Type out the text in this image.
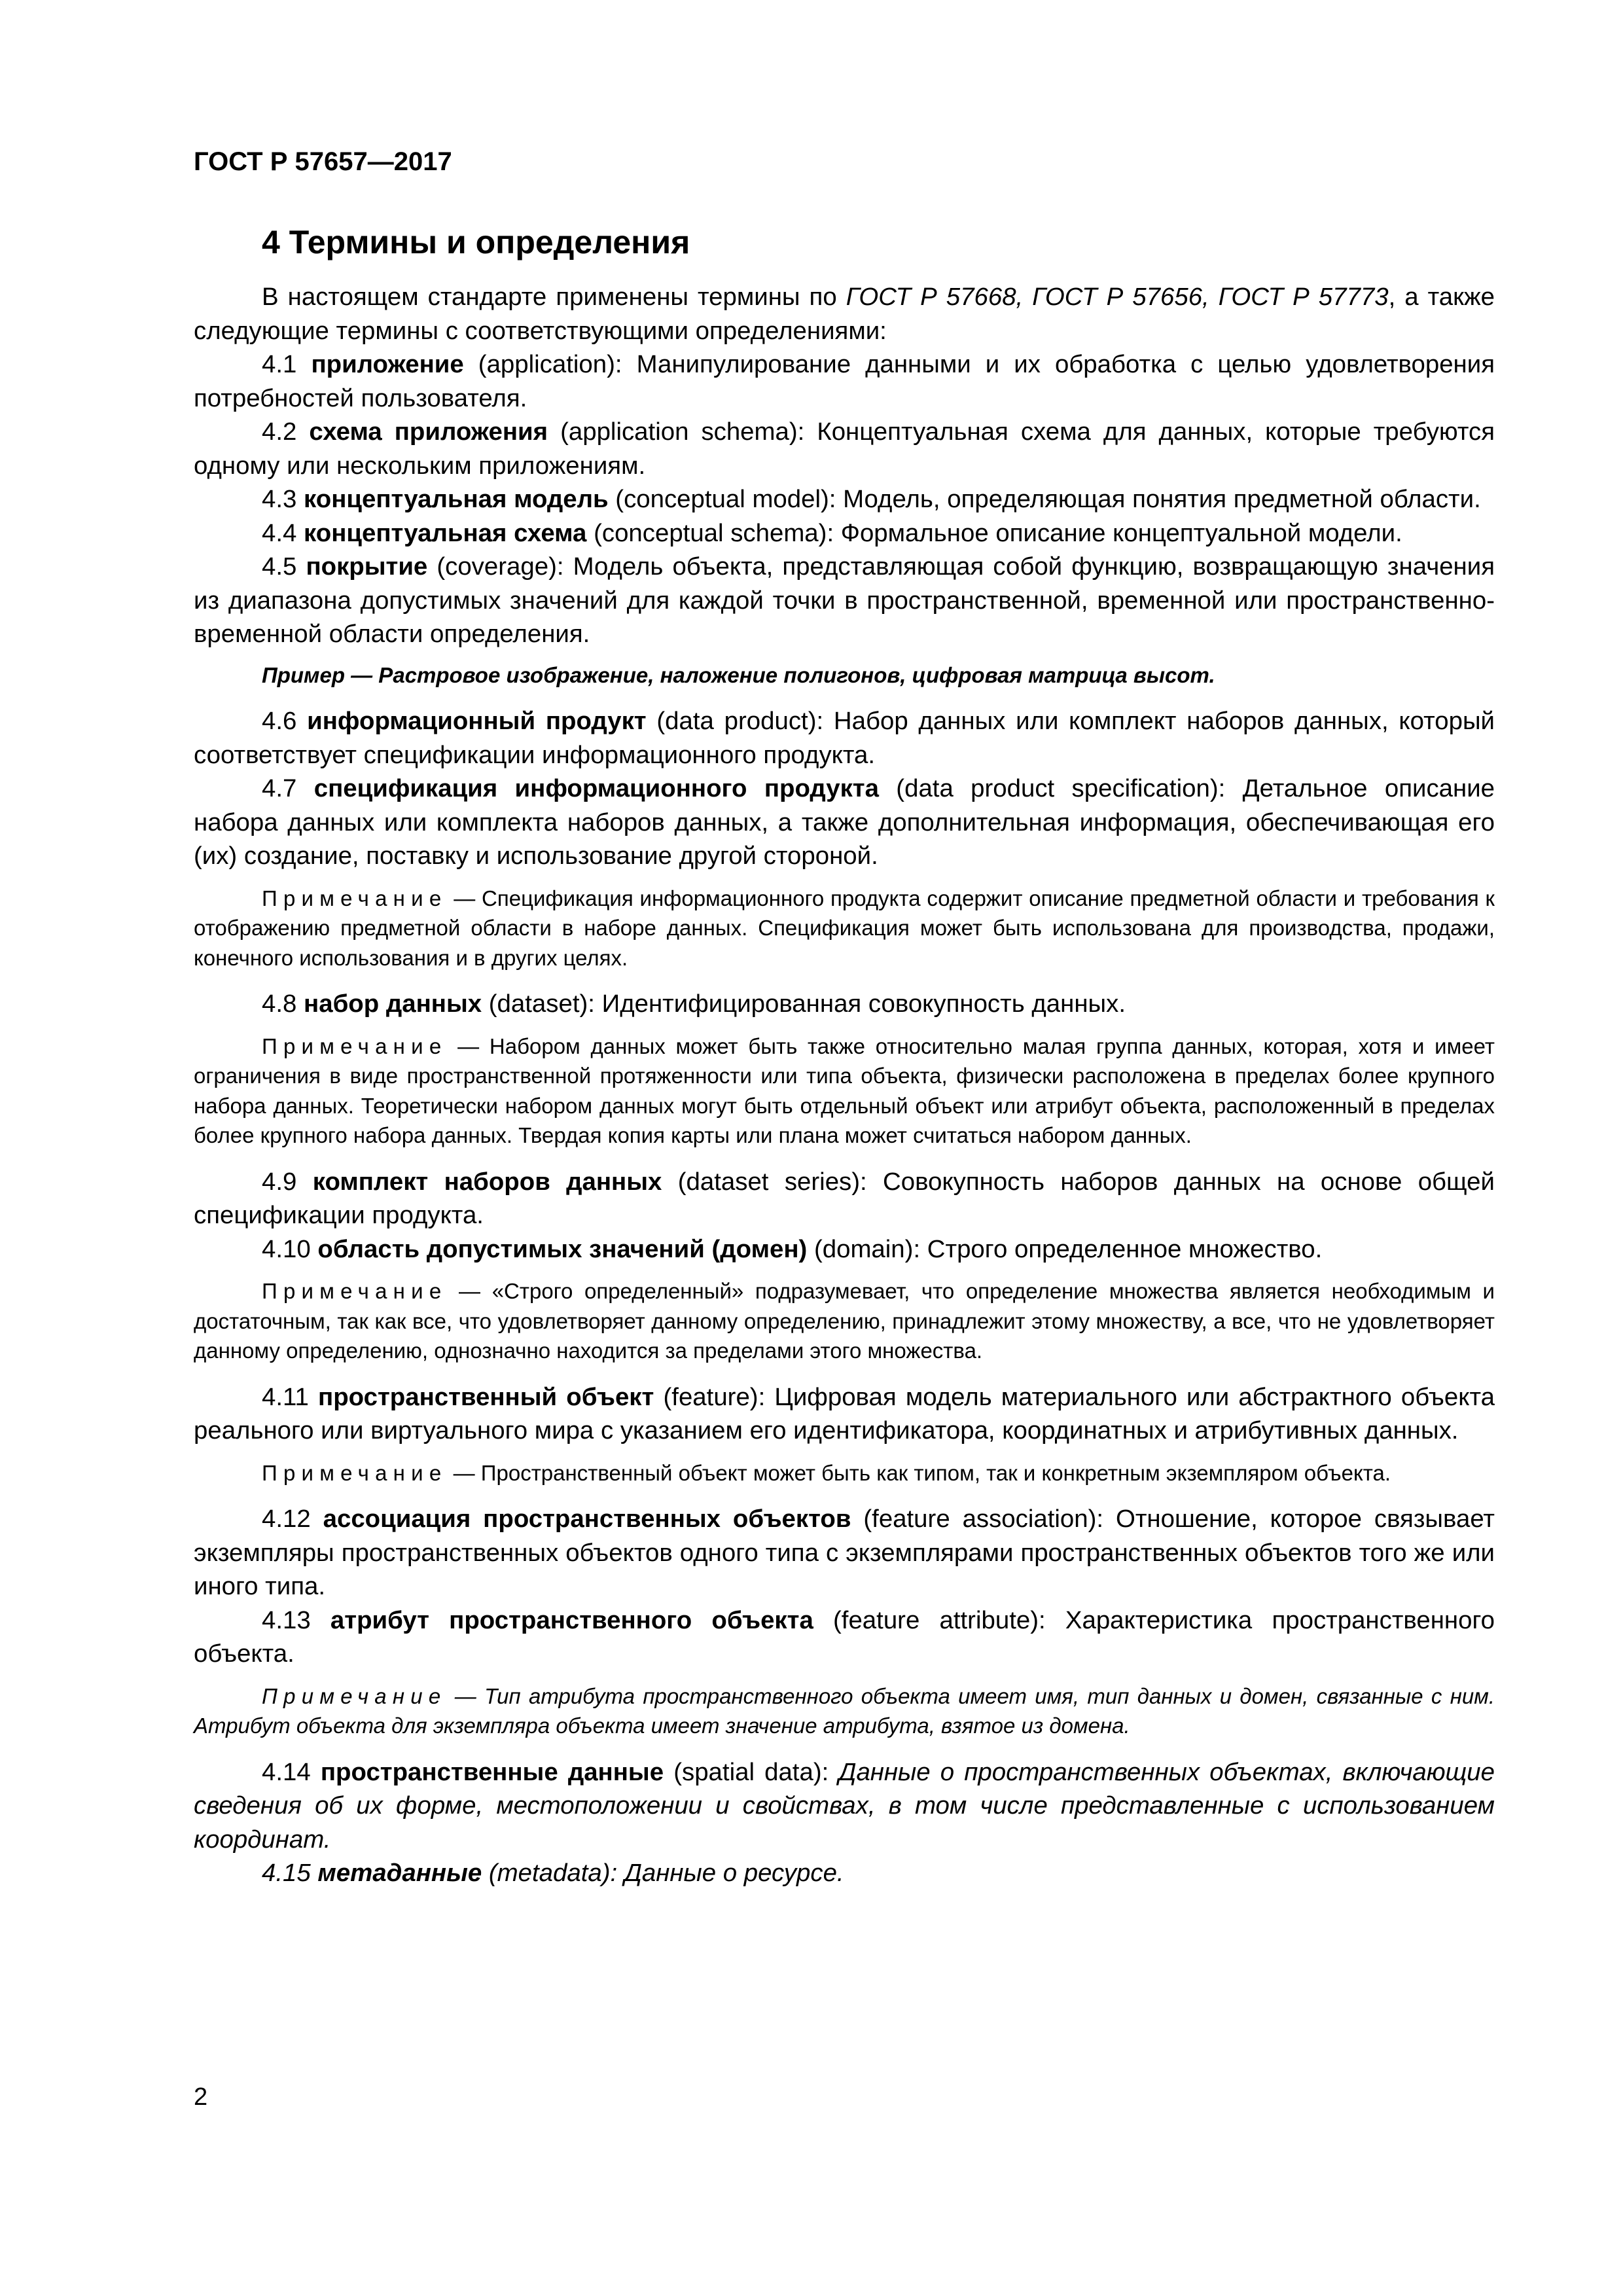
ГОСТ Р 57657—2017

4 Термины и определения

В настоящем стандарте применены термины по ГОСТ Р 57668, ГОСТ Р 57656, ГОСТ Р 57773, а также следующие термины с соответствующими определениями:

4.1 приложение (application): Манипулирование данными и их обработка с целью удовлетворения потребностей пользователя.

4.2 схема приложения (application schema): Концептуальная схема для данных, которые требуются одному или нескольким приложениям.

4.3 концептуальная модель (conceptual model): Модель, определяющая понятия предметной области.

4.4 концептуальная схема (conceptual schema): Формальное описание концептуальной модели.

4.5 покрытие (coverage): Модель объекта, представляющая собой функцию, возвращающую значения из диапазона допустимых значений для каждой точки в пространственной, временной или пространственно-временной области определения.

Пример — Растровое изображение, наложение полигонов, цифровая матрица высот.

4.6 информационный продукт (data product): Набор данных или комплект наборов данных, который соответствует спецификации информационного продукта.

4.7 спецификация информационного продукта (data product specification): Детальное описание набора данных или комплекта наборов данных, а также дополнительная информация, обеспечивающая его (их) создание, поставку и использование другой стороной.

Примечание — Спецификация информационного продукта содержит описание предметной области и требования к отображению предметной области в наборе данных. Спецификация может быть использована для производства, продажи, конечного использования и в других целях.

4.8 набор данных (dataset): Идентифицированная совокупность данных.

Примечание — Набором данных может быть также относительно малая группа данных, которая, хотя и имеет ограничения в виде пространственной протяженности или типа объекта, физически расположена в пределах более крупного набора данных. Теоретически набором данных могут быть отдельный объект или атрибут объекта, расположенный в пределах более крупного набора данных. Твердая копия карты или плана может считаться набором данных.

4.9 комплект наборов данных (dataset series): Совокупность наборов данных на основе общей спецификации продукта.

4.10 область допустимых значений (домен) (domain): Строго определенное множество.

Примечание — «Строго определенный» подразумевает, что определение множества является необходимым и достаточным, так как все, что удовлетворяет данному определению, принадлежит этому множеству, а все, что не удовлетворяет данному определению, однозначно находится за пределами этого множества.

4.11 пространственный объект (feature): Цифровая модель материального или абстрактного объекта реального или виртуального мира с указанием его идентификатора, координатных и атрибутивных данных.

Примечание — Пространственный объект может быть как типом, так и конкретным экземпляром объекта.

4.12 ассоциация пространственных объектов (feature association): Отношение, которое связывает экземпляры пространственных объектов одного типа с экземплярами пространственных объектов того же или иного типа.

4.13 атрибут пространственного объекта (feature attribute): Характеристика пространственного объекта.

Примечание — Тип атрибута пространственного объекта имеет имя, тип данных и домен, связанные с ним. Атрибут объекта для экземпляра объекта имеет значение атрибута, взятое из домена.

4.14 пространственные данные (spatial data): Данные о пространственных объектах, включающие сведения об их форме, местоположении и свойствах, в том числе представленные с использованием координат.

4.15 метаданные (metadata): Данные о ресурсе.

2
